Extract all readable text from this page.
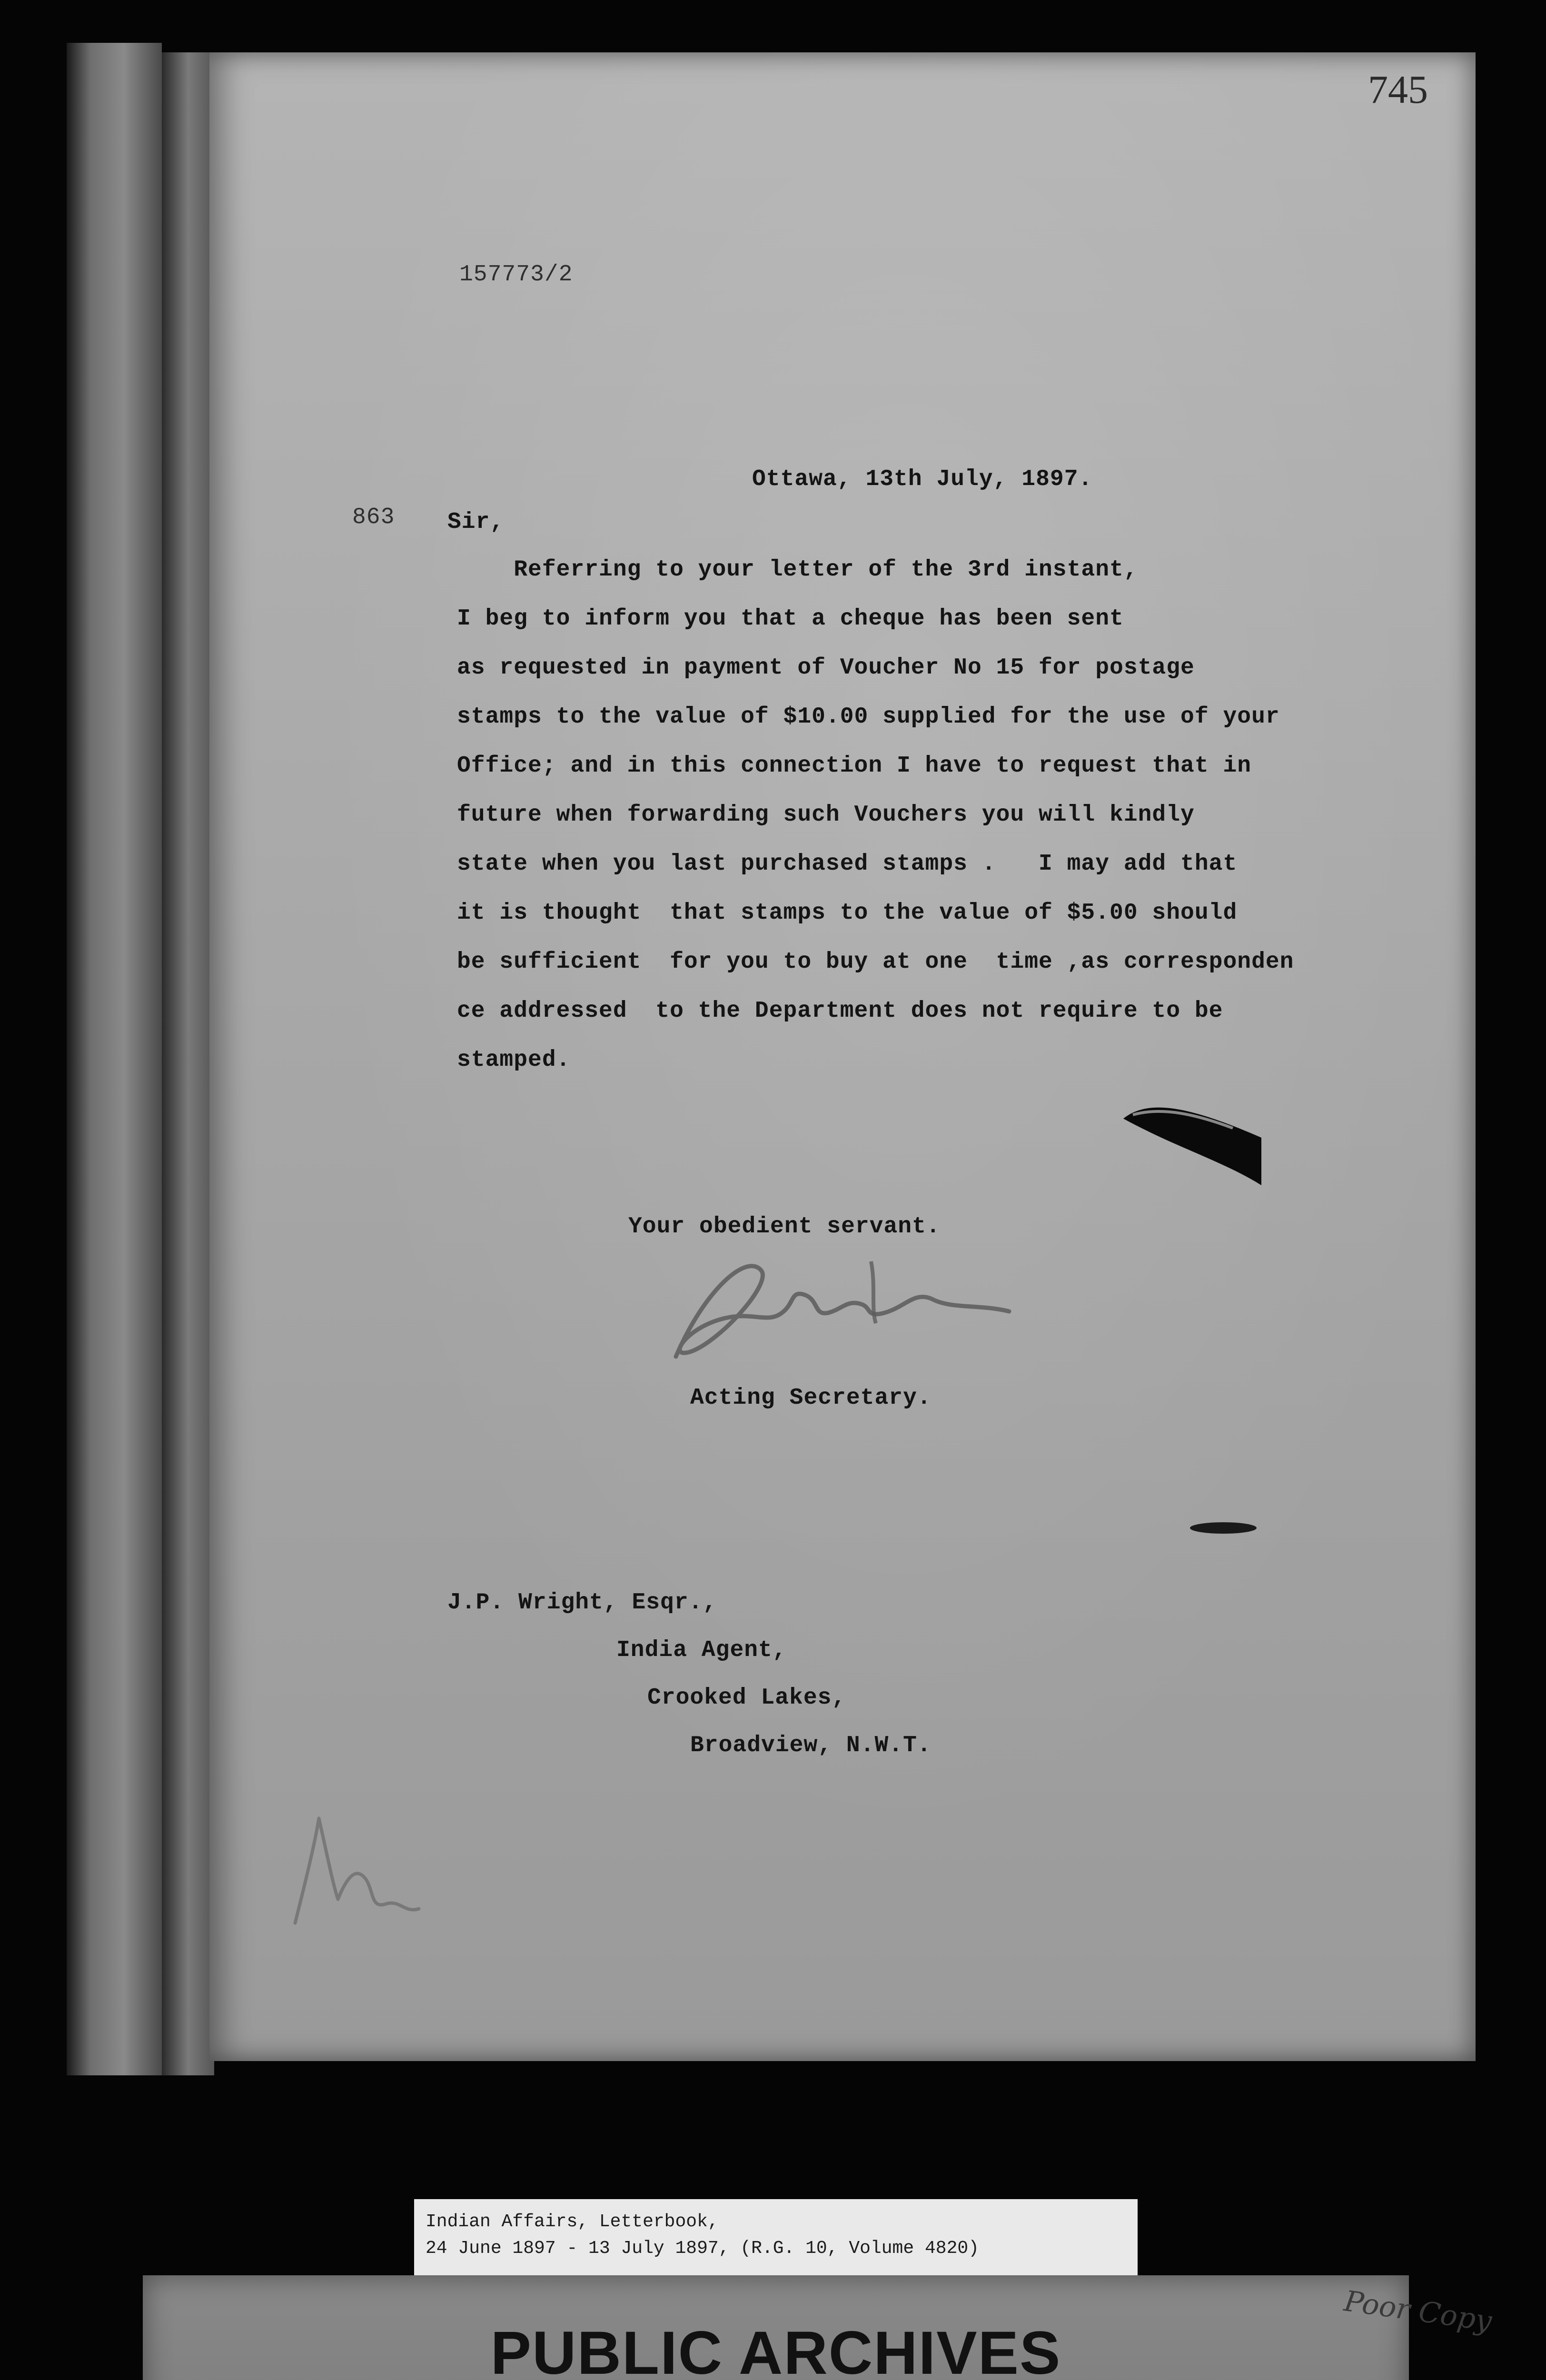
745
157773/2
Ottawa, 13th July, 1897.
863 Sir,
Referring to your letter of the 3rd instant,
I beg to inform you that a cheque has been sent
as requested in payment of Voucher No 15 for postage
stamps to the value of $10.00 supplied for the use of your
Office; and in this connection I have to request that in
future when forwarding such Vouchers you will kindly
state when you last purchased stamps .   I may add that
it is thought  that stamps to the value of $5.00 should
be sufficient  for you to buy at one  time ,as corresponden
ce addressed  to the Department does not require to be
stamped.
Your obedient servant.
Acting Secretary.
J.P. Wright, Esqr.,
India Agent,
Crooked Lakes,
Broadview, N.W.T.
Indian Affairs, Letterbook,
24 June 1897 - 13 July 1897, (R.G. 10, Volume 4820)
Poor Copy
PUBLIC ARCHIVES
